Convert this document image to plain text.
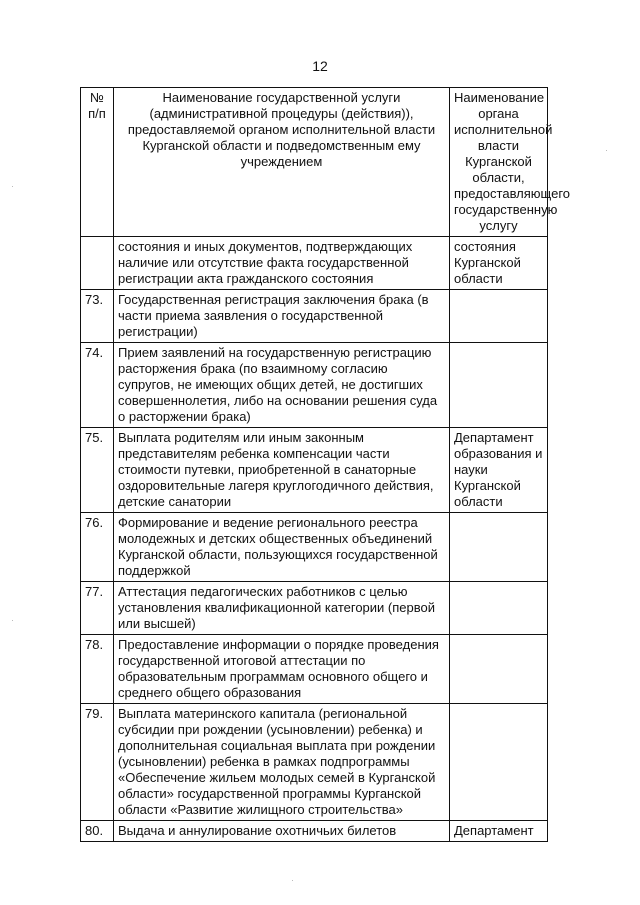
12
№ п/п	Наименование государственной услуги (административной процедуры (действия)), предоставляемой органом исполнительной власти Курганской области и подведомственным ему учреждением	Наименование органа исполнительной власти Курганской области, предоставляющего государственную услугу
	состояния и иных документов, подтверждающих наличие или отсутствие факта государственной регистрации акта гражданского состояния	состояния Курганской области
73.	Государственная регистрация заключения брака (в части приема заявления о государственной регистрации)	
74.	Прием заявлений на государственную регистрацию расторжения брака (по взаимному согласию супругов, не имеющих общих детей, не достигших совершеннолетия, либо на основании решения суда о расторжении брака)	
75.	Выплата родителям или иным законным представителям ребенка компенсации части стоимости путевки, приобретенной в санаторные оздоровительные лагеря круглогодичного действия, детские санатории	Департамент образования и науки Курганской области
76.	Формирование и ведение регионального реестра молодежных и детских общественных объединений Курганской области, пользующихся государственной поддержкой	
77.	Аттестация педагогических работников с целью установления квалификационной категории (первой или высшей)	
78.	Предоставление информации о порядке проведения государственной итоговой аттестации по образовательным программам основного общего и среднего общего образования	
79.	Выплата материнского капитала (региональной субсидии при рождении (усыновлении) ребенка) и дополнительная социальная выплата при рождении (усыновлении) ребенка в рамках подпрограммы «Обеспечение жильем молодых семей в Курганской области» государственной программы Курганской области «Развитие жилищного строительства»	
80.	Выдача и аннулирование охотничьих билетов	Департамент
